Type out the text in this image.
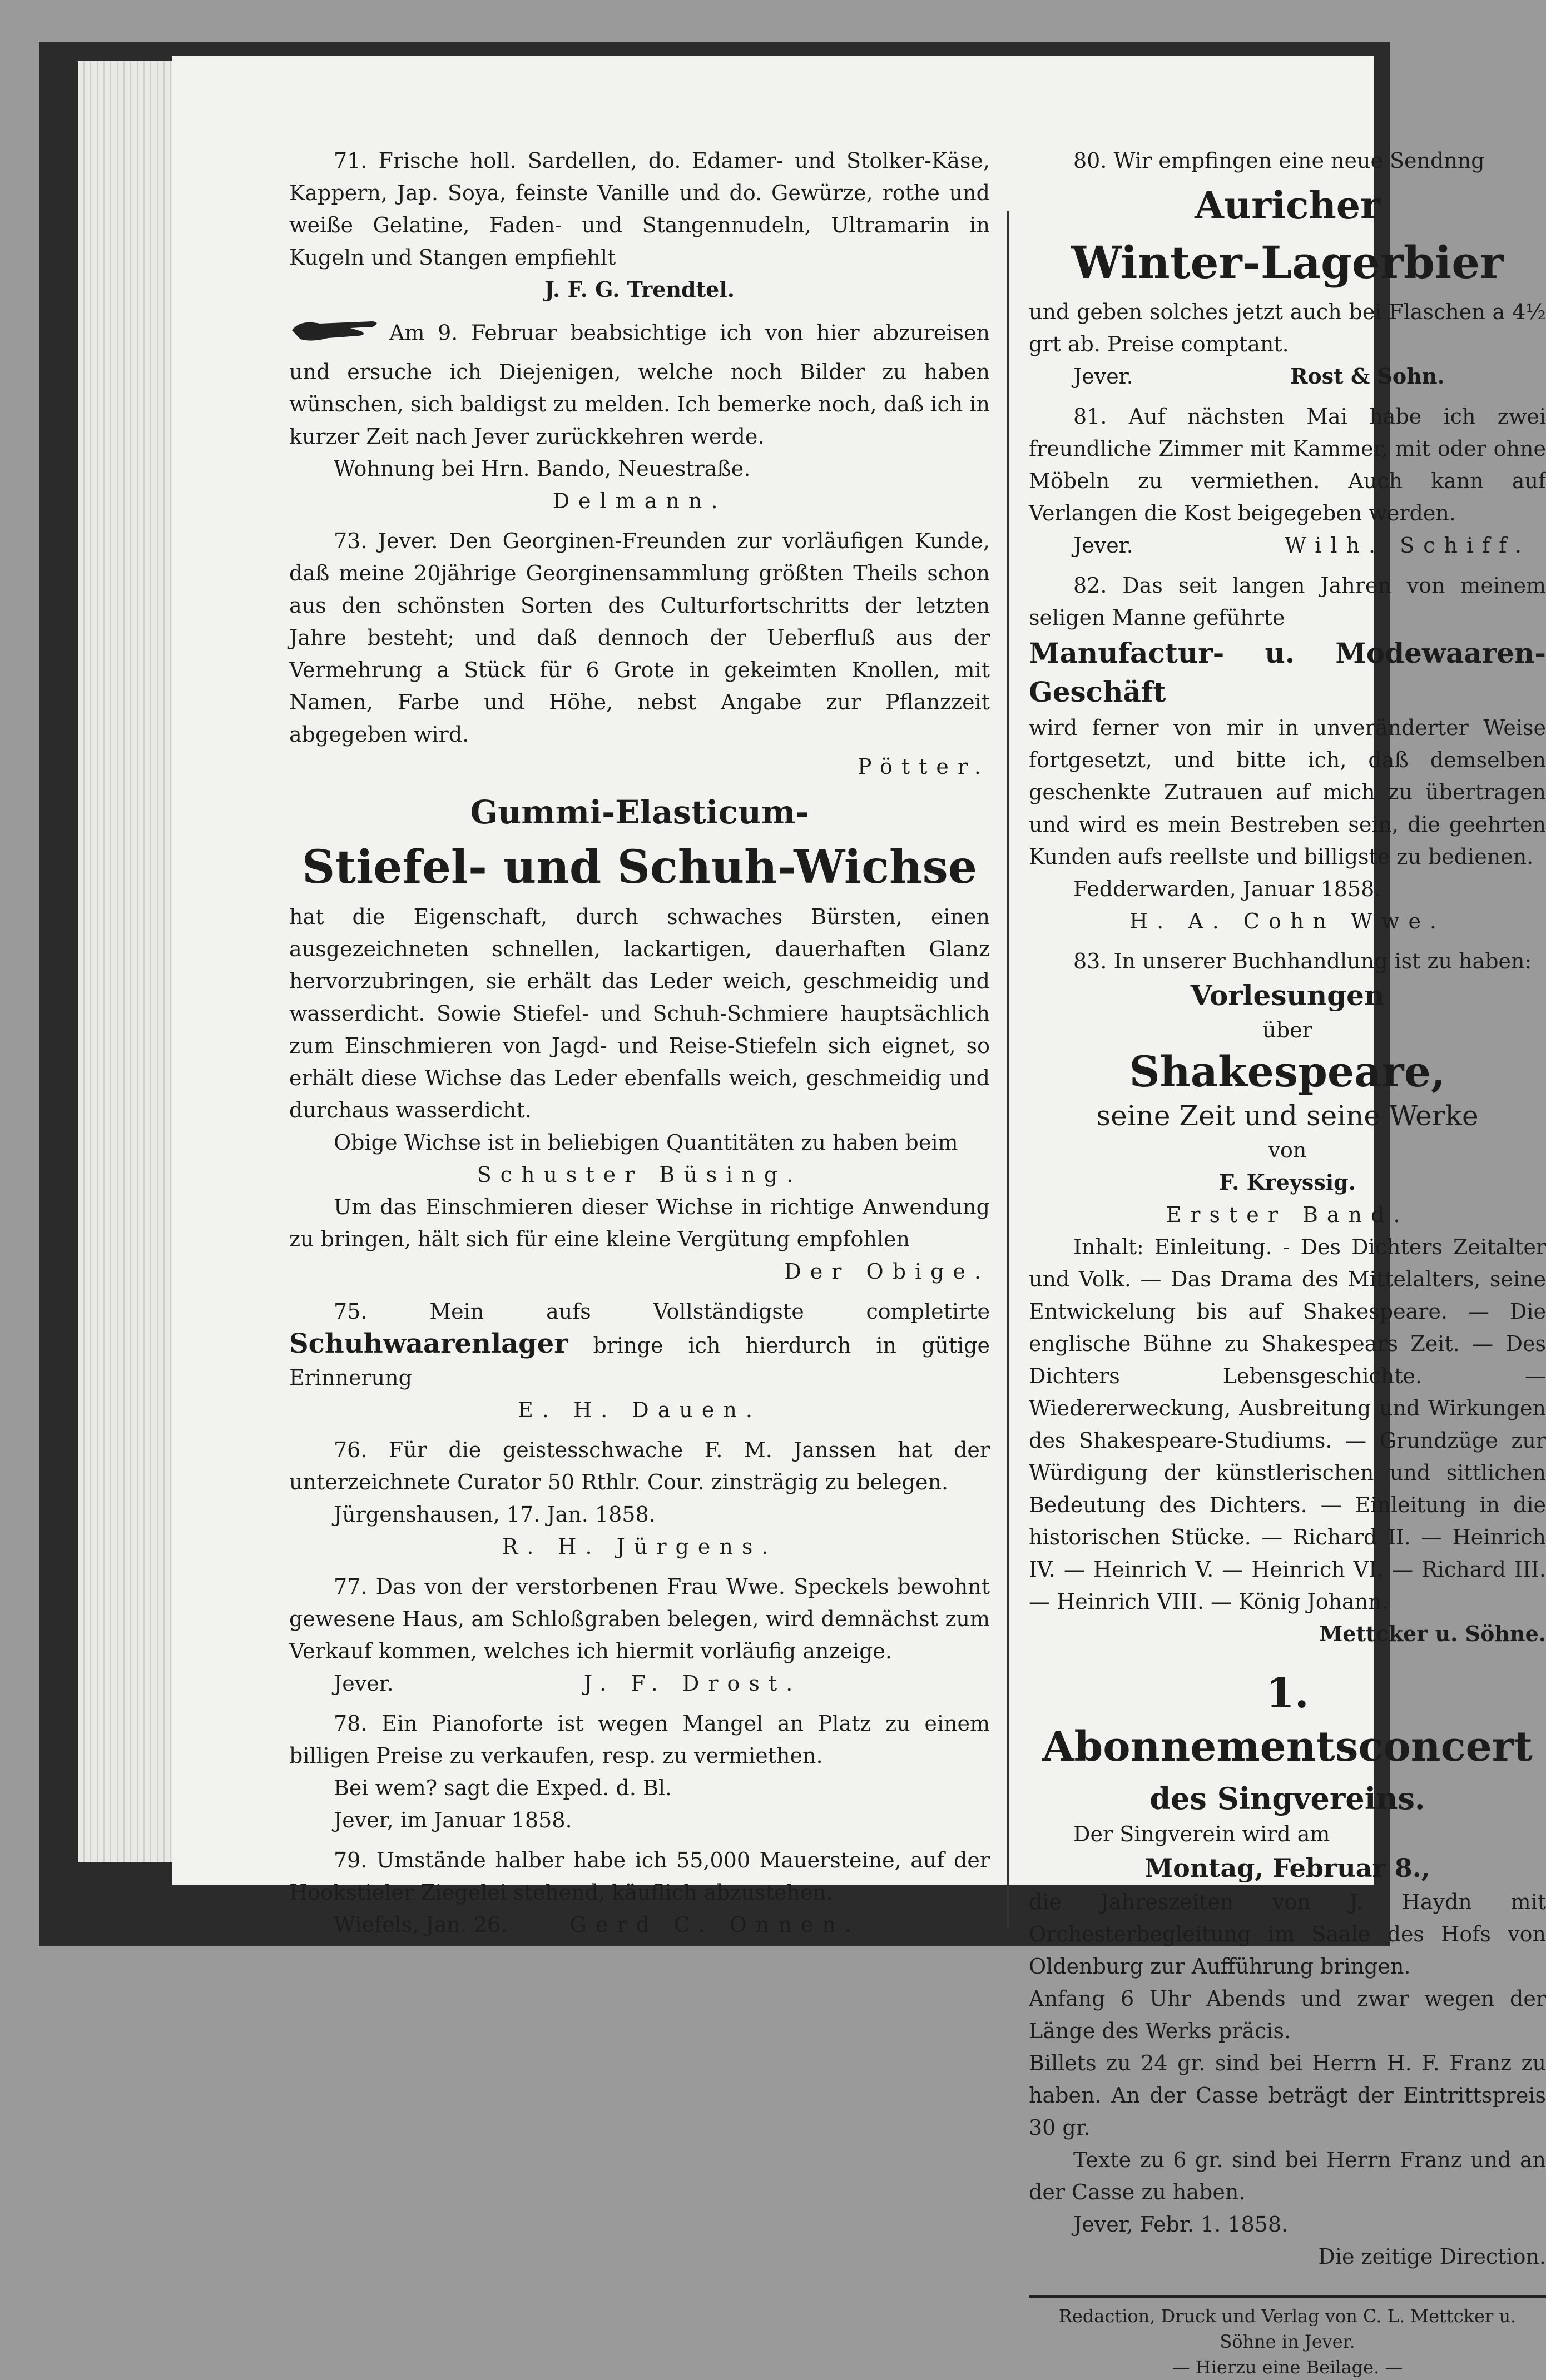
71. Frische holl. Sardellen, do. Edamer- und Stolker-Käse, Kappern, Jap. Soya, feinste Vanille und do. Gewürze, rothe und weiße Gelatine, Faden- und Stangennudeln, Ultramarin in Kugeln und Stangen empfiehlt

J. F. G. Trendtel.

Am 9. Februar beabsichtige ich von hier abzureisen und ersuche ich Diejenigen, welche noch Bilder zu haben wünschen, sich baldigst zu melden. Ich bemerke noch, daß ich in kurzer Zeit nach Jever zurückkehren werde.

Wohnung bei Hrn. Bando, Neuestraße.

Delmann.

73. Jever. Den Georginen-Freunden zur vorläufigen Kunde, daß meine 20jährige Georginensammlung größten Theils schon aus den schönsten Sorten des Culturfortschritts der letzten Jahre besteht; und daß dennoch der Ueberfluß aus der Vermehrung a Stück für 6 Grote in gekeimten Knollen, mit Namen, Farbe und Höhe, nebst Angabe zur Pflanzzeit abgegeben wird.

Pötter.

Gummi-Elasticum-

Stiefel- und Schuh-Wichse

hat die Eigenschaft, durch schwaches Bürsten, einen ausgezeichneten schnellen, lackartigen, dauerhaften Glanz hervorzubringen, sie erhält das Leder weich, geschmeidig und wasserdicht. Sowie Stiefel- und Schuh-Schmiere hauptsächlich zum Einschmieren von Jagd- und Reise-Stiefeln sich eignet, so erhält diese Wichse das Leder ebenfalls weich, geschmeidig und durchaus wasserdicht.

Obige Wichse ist in beliebigen Quantitäten zu haben beim

Schuster Büsing.

Um das Einschmieren dieser Wichse in richtige Anwendung zu bringen, hält sich für eine kleine Vergütung empfohlen

Der Obige.

75. Mein aufs Vollständigste completirte Schuhwaarenlager bringe ich hierdurch in gütige Erinnerung

E. H. Dauen.

76. Für die geistesschwache F. M. Janssen hat der unterzeichnete Curator 50 Rthlr. Cour. zinsträgig zu belegen.

Jürgenshausen, 17. Jan. 1858.

R. H. Jürgens.

77. Das von der verstorbenen Frau Wwe. Speckels bewohnt gewesene Haus, am Schloßgraben belegen, wird demnächst zum Verkauf kommen, welches ich hiermit vorläufig anzeige.

Jever.	J. F. Drost.

78. Ein Pianoforte ist wegen Mangel an Platz zu einem billigen Preise zu verkaufen, resp. zu vermiethen.

Bei wem? sagt die Exped. d. Bl.

Jever, im Januar 1858.

79. Umstände halber habe ich 55,000 Mauersteine, auf der Hookstieler Ziegelei stehend, käuflich abzustehen.

Wiefels, Jan. 26.	Gerd C. Onnen.

80. Wir empfingen eine neue Sendnng

Auricher

Winter-Lagerbier

und geben solches jetzt auch bei Flaschen a 4½ grt ab. Preise comptant.

Jever.	Rost & Sohn.

81. Auf nächsten Mai habe ich zwei freundliche Zimmer mit Kammer, mit oder ohne Möbeln zu vermiethen. Auch kann auf Verlangen die Kost beigegeben werden.

Jever.	Wilh. Schiff.

82. Das seit langen Jahren von meinem seligen Manne geführte

Manufactur- u. Modewaaren-Geschäft

wird ferner von mir in unveränderter Weise fortgesetzt, und bitte ich, daß demselben geschenkte Zutrauen auf mich zu übertragen und wird es mein Bestreben sein, die geehrten Kunden aufs reellste und billigste zu bedienen.

Fedderwarden, Januar 1858.

H. A. Cohn Wwe.

83. In unserer Buchhandlung ist zu haben:

Vorlesungen

über

Shakespeare,

seine Zeit und seine Werke

von

F. Kreyssig.

Erster Band.

Inhalt: Einleitung. - Des Dichters Zeitalter und Volk. — Das Drama des Mittelalters, seine Entwickelung bis auf Shakespeare. — Die englische Bühne zu Shakespears Zeit. — Des Dichters Lebensgeschichte. — Wiedererweckung, Ausbreitung und Wirkungen des Shakespeare-Studiums. — Grundzüge zur Würdigung der künstlerischen und sittlichen Bedeutung des Dichters. — Einleitung in die historischen Stücke. — Richard II. — Heinrich IV. — Heinrich V. — Heinrich VI. — Richard III. — Heinrich VIII. — König Johann.

Mettcker u. Söhne.

1. Abonnementsconcert

des Singvereins.

Der Singverein wird am

Montag, Februar 8.,

die Jahreszeiten von J. Haydn mit Orchesterbegleitung im Saale des Hofs von Oldenburg zur Aufführung bringen.

Anfang 6 Uhr Abends und zwar wegen der Länge des Werks präcis.

Billets zu 24 gr. sind bei Herrn H. F. Franz zu haben. An der Casse beträgt der Eintrittspreis 30 gr.

Texte zu 6 gr. sind bei Herrn Franz und an der Casse zu haben.

Jever, Febr. 1. 1858.

Die zeitige Direction.

Redaction, Druck und Verlag von C. L. Mettcker u. Söhne in Jever.

— Hierzu eine Beilage. —
